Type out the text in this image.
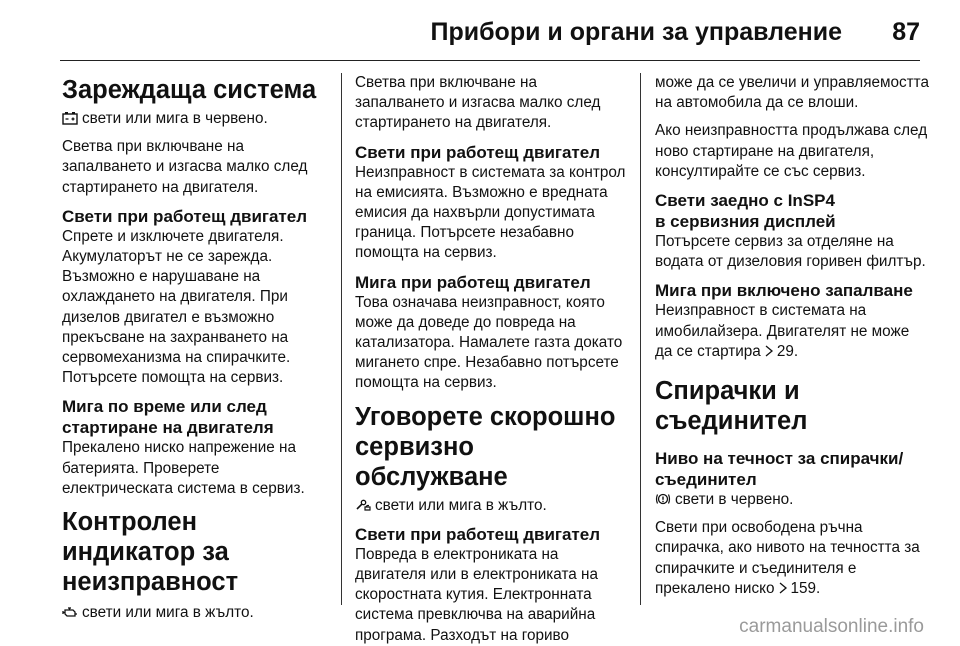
Прибори и органи за управление 87
Зареждаща система

свети или мига в червено.

Светва при включване на запалването и изгасва малко след стартирането на двигателя.

Свети при работещ двигател

Спрете и изключете двигателя. Акумулаторът не се зарежда. Възможно е нарушаване на охлаждането на двигателя. При дизелов двигател е възможно прекъсване на захранването на сервомеханизма на спирачките. Потърсете помощта на сервиз.

Мига по време или след
стартиране на двигателя

Прекалено ниско напрежение на батерията. Проверете електрическата система в сервиз.

Контролен индикатор за неизправност

свети или мига в жълто.

Светва при включване на запалването и изгасва малко след стартирането на двигателя.

Свети при работещ двигател

Неизправност в системата за контрол на емисията. Възможно е вредната емисия да нахвърли допустимата граница. Потърсете незабавно помощта на сервиз.

Мига при работещ двигател

Това означава неизправност, която може да доведе до повреда на катализатора. Намалете газта докато мигането спре. Незабавно потърсете помощта на сервиз.

Уговорете скорошно сервизно обслужване

свети или мига в жълто.

Свети при работещ двигател

Повреда в електрониката на двигателя или в електрониката на скоростната кутия. Електронната система превключва на аварийна програма. Разходът на гориво

може да се увеличи и управляемостта на автомобила да се влоши.

Ако неизправността продължава след ново стартиране на двигателя, консултирайте се със сервиз.

Свети заедно с InSP4
в сервизния дисплей

Потърсете сервиз за отделяне на водата от дизеловия горивен филтър.

Мига при включено запалване

Неизправност в системата на имобилайзера. Двигателят не може да се стартира 29.

Спирачки и съединител
Ниво на течност за спирачки/
съединител

свети в червено.

Свети при освободена ръчна спирачка, ако нивото на течността за спирачките и съединителя е прекалено ниско 159.

carmanualsonline.info
